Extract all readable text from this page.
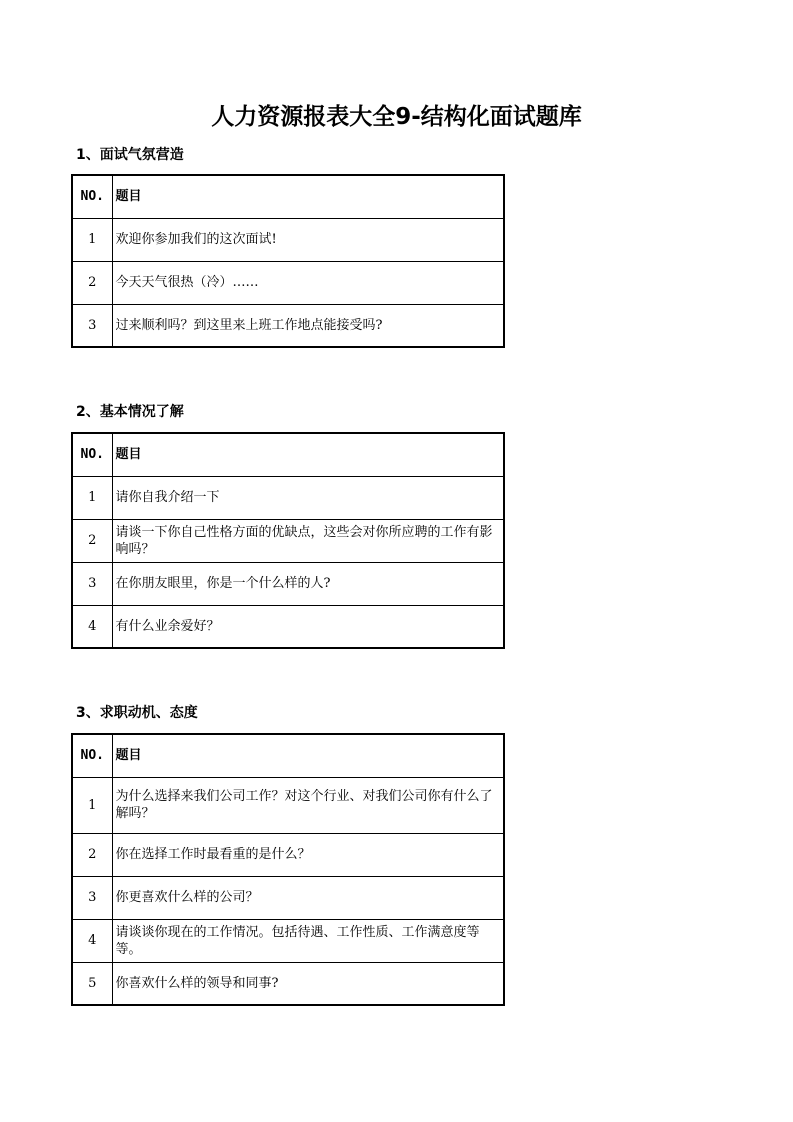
人力资源报表大全9-结构化面试题库
1、面试气氛营造
NO.	题目
1	欢迎你参加我们的这次面试!
2	今天天气很热（冷）……
3	过来顺利吗？到这里来上班工作地点能接受吗?
2、基本情况了解
NO.	题目
1	请你自我介绍一下
2	请谈一下你自己性格方面的优缺点，这些会对你所应聘的工作有影响吗？
3	在你朋友眼里，你是一个什么样的人?
4	有什么业余爱好？
3、求职动机、态度
NO.	题目
1	为什么选择来我们公司工作？对这个行业、对我们公司你有什么了解吗？
2	你在选择工作时最看重的是什么？
3	你更喜欢什么样的公司？
4	请谈谈你现在的工作情况。包括待遇、工作性质、工作满意度等等。
5	你喜欢什么样的领导和同事?
